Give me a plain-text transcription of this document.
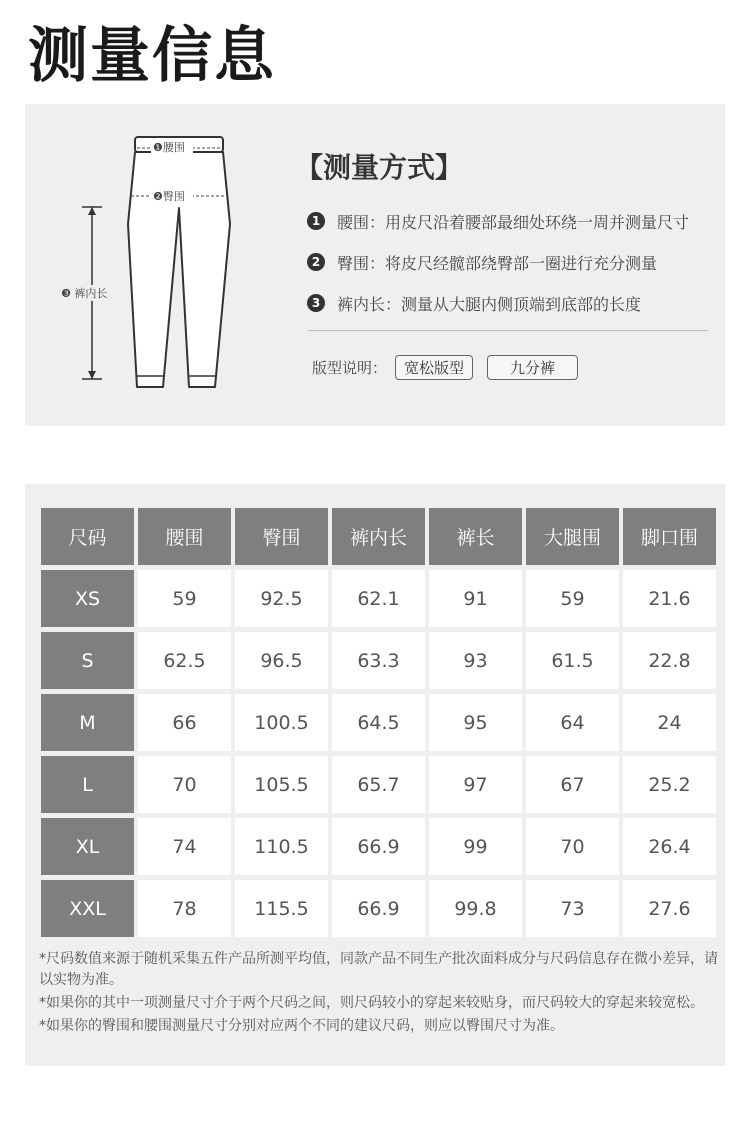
测量信息
❶腰围
❷臀围
❸ 裤内长
【测量方式】
1	腰围：用皮尺沿着腰部最细处环绕一周并测量尺寸
2	臀围：将皮尺经髋部绕臀部一圈进行充分测量
3	裤内长：测量从大腿内侧顶端到底部的长度
版型说明：	宽松版型	九分裤
尺码	腰围	臀围	裤内长	裤长	大腿围	脚口围
XS	59	92.5	62.1	91	59	21.6
S	62.5	96.5	63.3	93	61.5	22.8
M	66	100.5	64.5	95	64	24
L	70	105.5	65.7	97	67	25.2
XL	74	110.5	66.9	99	70	26.4
XXL	78	115.5	66.9	99.8	73	27.6

*尺码数值来源于随机采集五件产品所测平均值，同款产品不同生产批次面料成分与尺码信息存在微小差异，请以实物为准。

*如果你的其中一项测量尺寸介于两个尺码之间，则尺码较小的穿起来较贴身，而尺码较大的穿起来较宽松。

*如果你的臀围和腰围测量尺寸分别对应两个不同的建议尺码，则应以臀围尺寸为准。
